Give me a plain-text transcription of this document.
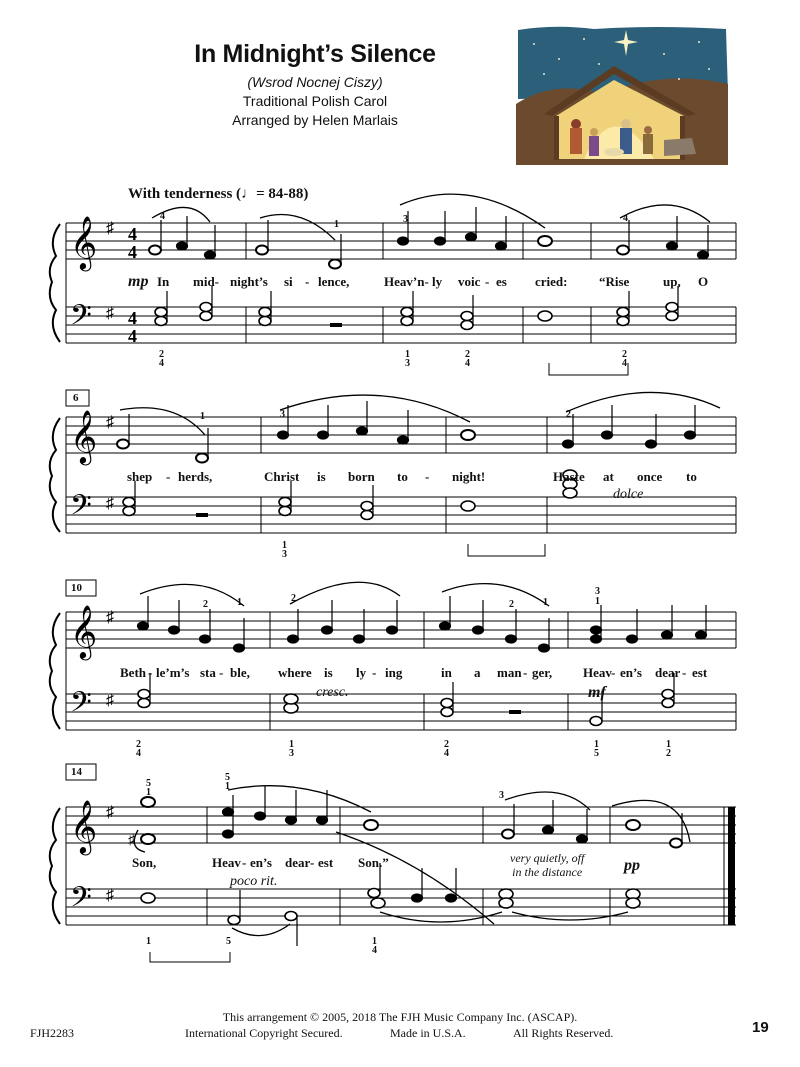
In Midnight’s Silence
(Wsrod Nocnej Ciszy)
Traditional Polish Carol
Arranged by Helen Marlais
With tenderness (♩= 84-88)
𝄞
𝄢
♯
♯
4
4
4
4
𝄞
𝄢
♯
♯
𝄞
𝄢
♯
♯
𝄞
𝄢
♯
♯
♯
mp In mid- night’s si - lence,	Heav’n- ly voic - es cried: “Rise	up, O
4
1	3	4
2
4
1
3
2
4
2
4
6
shep - herds,	Christ is born to - night!	Haste at once to
dolce
1	3	2
1
3
10
Beth - le’m’s sta - ble, where is ly - ing	in a man - ger, Heav - en’s dear - est
cresc.	mf
2	1	2
2	1
3
1
2
4
1
3
2
4
1
5
1
2
14
Son,	Heav - en’s dear - est Son.”	very quietly, off
in the distance	pp
poco rit.
5
1
5
1
3
1	5	1
4
This arrangement © 2005, 2018 The FJH Music Company Inc. (ASCAP).
FJH2283	International Copyright Secured.	Made in U.S.A.	All Rights Reserved.	19
